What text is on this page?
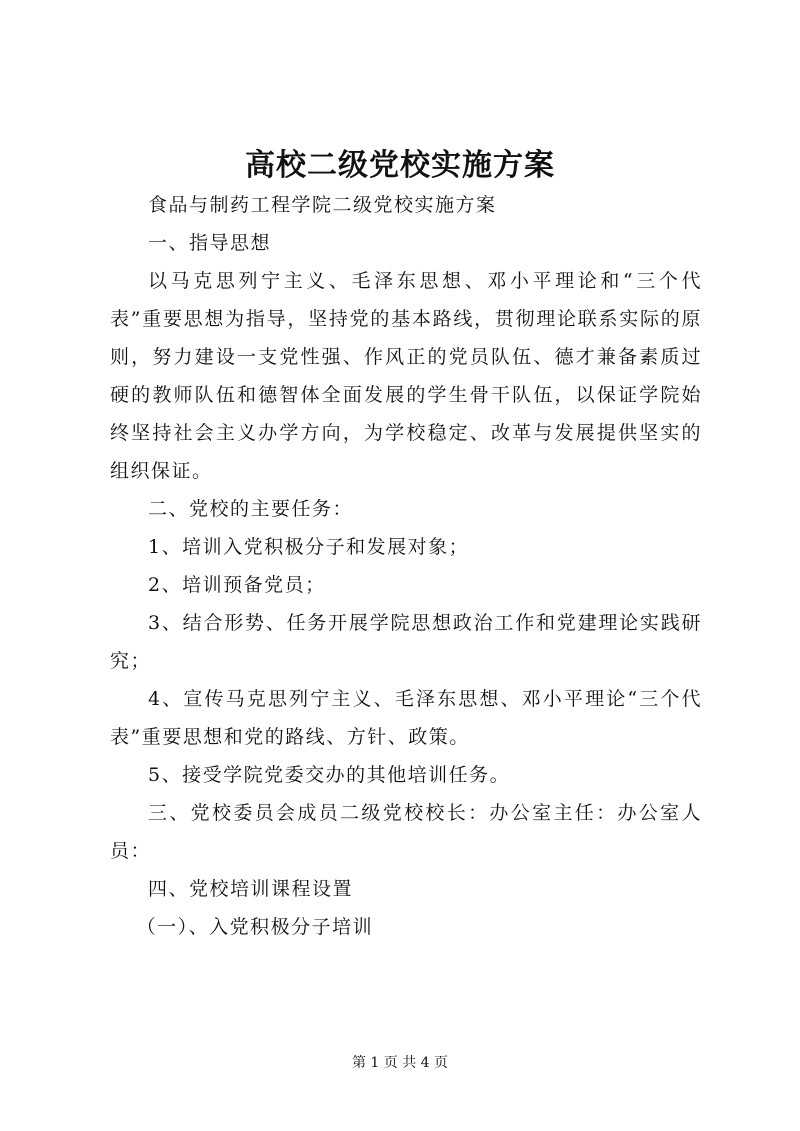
高校二级党校实施方案

食品与制药工程学院二级党校实施方案

一、指导思想

以马克思列宁主义、毛泽东思想、邓小平理论和“三个代表”重要思想为指导，坚持党的基本路线，贯彻理论联系实际的原则，努力建设一支党性强、作风正的党员队伍、德才兼备素质过硬的教师队伍和德智体全面发展的学生骨干队伍，以保证学院始终坚持社会主义办学方向，为学校稳定、改革与发展提供坚实的组织保证。

二、党校的主要任务：

1、培训入党积极分子和发展对象；

2、培训预备党员；

3、结合形势、任务开展学院思想政治工作和党建理论实践研究；

4、宣传马克思列宁主义、毛泽东思想、邓小平理论“三个代表”重要思想和党的路线、方针、政策。

5、接受学院党委交办的其他培训任务。

三、党校委员会成员二级党校校长：办公室主任：办公室人员：

四、党校培训课程设置

（一）、入党积极分子培训

第 1 页 共 4 页
